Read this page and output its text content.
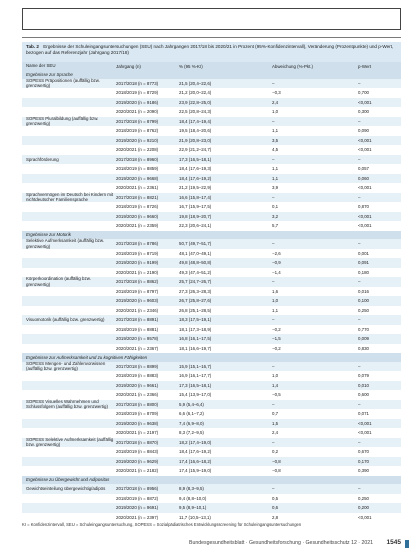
Tab. 2 Ergebnisse der Schuleingangsuntersuchungen (SEU) nach Jahrgangen 2017/18 bis 2020/21 in Prozent (95%-Konfidenzintervall), Veränderung (Prozentpunkte) und p-Wert, bezogen auf das Referenzjahr (Jahrgang 2017/18)
Name der SEU	Jahrgang (n)	% (95 %-KI)	Abweichung (%-Pkt.)	p-Wert
Ergebnisse zur Sprache
SOPESS Präpositionen (auffällig bzw. grenzwertig)	2017/2018 (n = 8773)	21,5 (20,4–22,6)	–	–
2018/2019 (n = 8729)	21,2 (20,0–22,4)	−0,3	0,700
2019/2020 (n = 9186)	23,9 (22,8–25,0)	2,4	<0,001
2020/2021 (n = 2090)	22,5 (20,8–24,3)	1,0	0,300
SOPESS Pluralbildung (auffällig bzw. grenzwertig)	2017/2018 (n = 8799)	18,4 (17,4–19,4)	–	–
2018/2019 (n = 8762)	19,5 (18,4–20,6)	1,1	0,090
2019/2020 (n = 9210)	21,9 (20,8–23,0)	3,5	<0,001
2020/2021 (n = 2208)	22,9 (21,2–24,7)	4,5	<0,001
Sprachförderung	2017/2018 (n = 8960)	17,3 (16,5–18,1)	–	–
2018/2019 (n = 8859)	18,4 (17,6–19,3)	1,1	0,057
2019/2020 (n = 9668)	18,4 (17,6–19,2)	1,1	0,060
2020/2021 (n = 2361)	21,2 (19,5–22,9)	3,9	<0,001
Sprachvermögen im Deutsch bei Kindern mit nichtdeutscher Familiensprache	2017/2018 (n = 8821)	16,6 (15,8–17,4)	–	–
2018/2019 (n = 8726)	16,7 (15,9–17,5)	0,1	0,870
2019/2020 (n = 9660)	19,8 (18,9–20,7)	3,2	<0,001
2020/2021 (n = 2359)	22,3 (20,6–24,1)	5,7	<0,001
Ergebnisse zur Motorik
Selektive Aufmerksamkeit (auffällig bzw. grenzwertig)	2017/2018 (n = 8786)	50,7 (49,7–51,7)	–	–
2018/2019 (n = 8719)	48,1 (47,0–49,1)	−2,6	0,001
2019/2020 (n = 9199)	49,8 (48,8–50,8)	−0,9	0,091
2020/2021 (n = 2190)	49,3 (47,4–51,2)	−1,4	0,180
Körperkoordination (auffällig bzw. grenzwertig)	2017/2018 (n = 8862)	25,7 (24,7–26,7)	–	–
2018/2019 (n = 8797)	27,3 (26,3–28,3)	1,6	0,016
2019/2020 (n = 9603)	26,7 (25,8–27,6)	1,0	0,100
2020/2021 (n = 2346)	26,8 (25,1–28,5)	1,1	0,250
Visuomotorik (auffällig bzw. grenzwertig)	2017/2018 (n = 8891)	18,3 (17,5–19,1)	–	–
2018/2019 (n = 8881)	18,1 (17,3–18,9)	−0,2	0,770
2019/2020 (n = 9578)	16,8 (16,1–17,5)	−1,5	0,009
2020/2021 (n = 2367)	18,1 (16,6–19,7)	−0,2	0,830
Ergebnisse zur Aufmerksamkeit und zu kognitiven Fähigkeiten
SOPESS Mengen- und Zahlenvorwissen (auffällig bzw. grenzwertig)	2017/2018 (n = 8899)	15,9 (15,1–16,7)	–	–
2018/2019 (n = 8883)	16,9 (16,1–17,7)	1,0	0,079
2019/2020 (n = 9661)	17,3 (16,5–18,1)	1,4	0,010
2020/2021 (n = 2366)	15,4 (13,9–17,0)	−0,5	0,600
SOPESS Visuelles Wahrnehmen und Schlussfolgern (auffällig bzw. grenzwertig)	2017/2018 (n = 8800)	5,9 (5,4–6,4)	–	–
2018/2019 (n = 8709)	6,6 (6,1–7,2)	0,7	0,071
2019/2020 (n = 9638)	7,4 (6,9–8,0)	1,5	<0,001
2020/2021 (n = 2197)	8,3 (7,2–9,5)	2,4	<0,001
SOPESS Selektive Aufmerksamkeit (auffällig bzw. grenzwertig)	2017/2018 (n = 8870)	18,2 (17,4–19,0)	–	–
2018/2019 (n = 8843)	18,4 (17,6–19,2)	0,2	0,670
2019/2020 (n = 9629)	17,4 (16,6–18,2)	−0,8	0,170
2020/2021 (n = 2182)	17,4 (15,9–19,0)	−0,8	0,390
Ergebnisse zu Übergewicht und Adipositas
Gewichtseinteilung übergewichtig/adipös	2017/2018 (n = 8956)	8,9 (8,3–9,5)	–	–
2018/2019 (n = 8872)	9,4 (8,8–10,0)	0,5	0,250
2019/2020 (n = 9691)	9,5 (8,9–10,1)	0,6	0,200
2020/2021 (n = 2397)	11,7 (10,5–13,1)	2,8	<0,001
KI = Konfidenzintervall, SEU = Schuleingangsuntersuchung, SOPESS = Sozialpädiatrisches Entwicklungsscreening für Schuleingangsuntersuchungen
Bundesgesundheitsblatt · Gesundheitsforschung · Gesundheitsschutz 12 · 2021 1545
